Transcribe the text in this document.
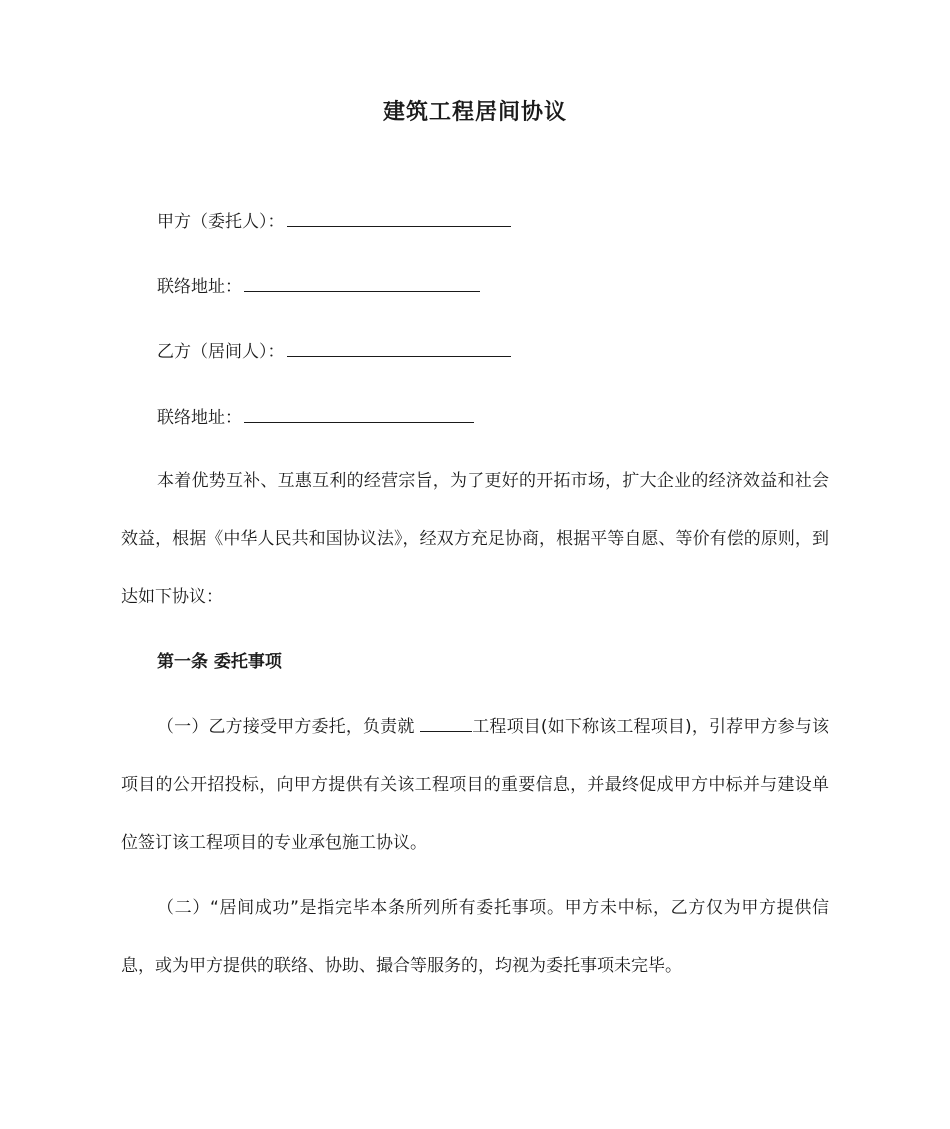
建筑工程居间协议
甲方（委托人）：
联络地址：
乙方（居间人）：
联络地址：

本着优势互补、互惠互利的经营宗旨，为了更好的开拓市场，扩大企业的经济效益和社会效益，根据《中华人民共和国协议法》，经双方充足协商，根据平等自愿、等价有偿的原则，到达如下协议：

第一条 委托事项

（一）乙方接受甲方委托，负责就	工程项目(如下称该工程项目)，引荐甲方参与该项目的公开招投标，向甲方提供有关该工程项目的重要信息，并最终促成甲方中标并与建设单位签订该工程项目的专业承包施工协议。

（二）“居间成功”是指完毕本条所列所有委托事项。甲方未中标，乙方仅为甲方提供信息，或为甲方提供的联络、协助、撮合等服务的，均视为委托事项未完毕。
